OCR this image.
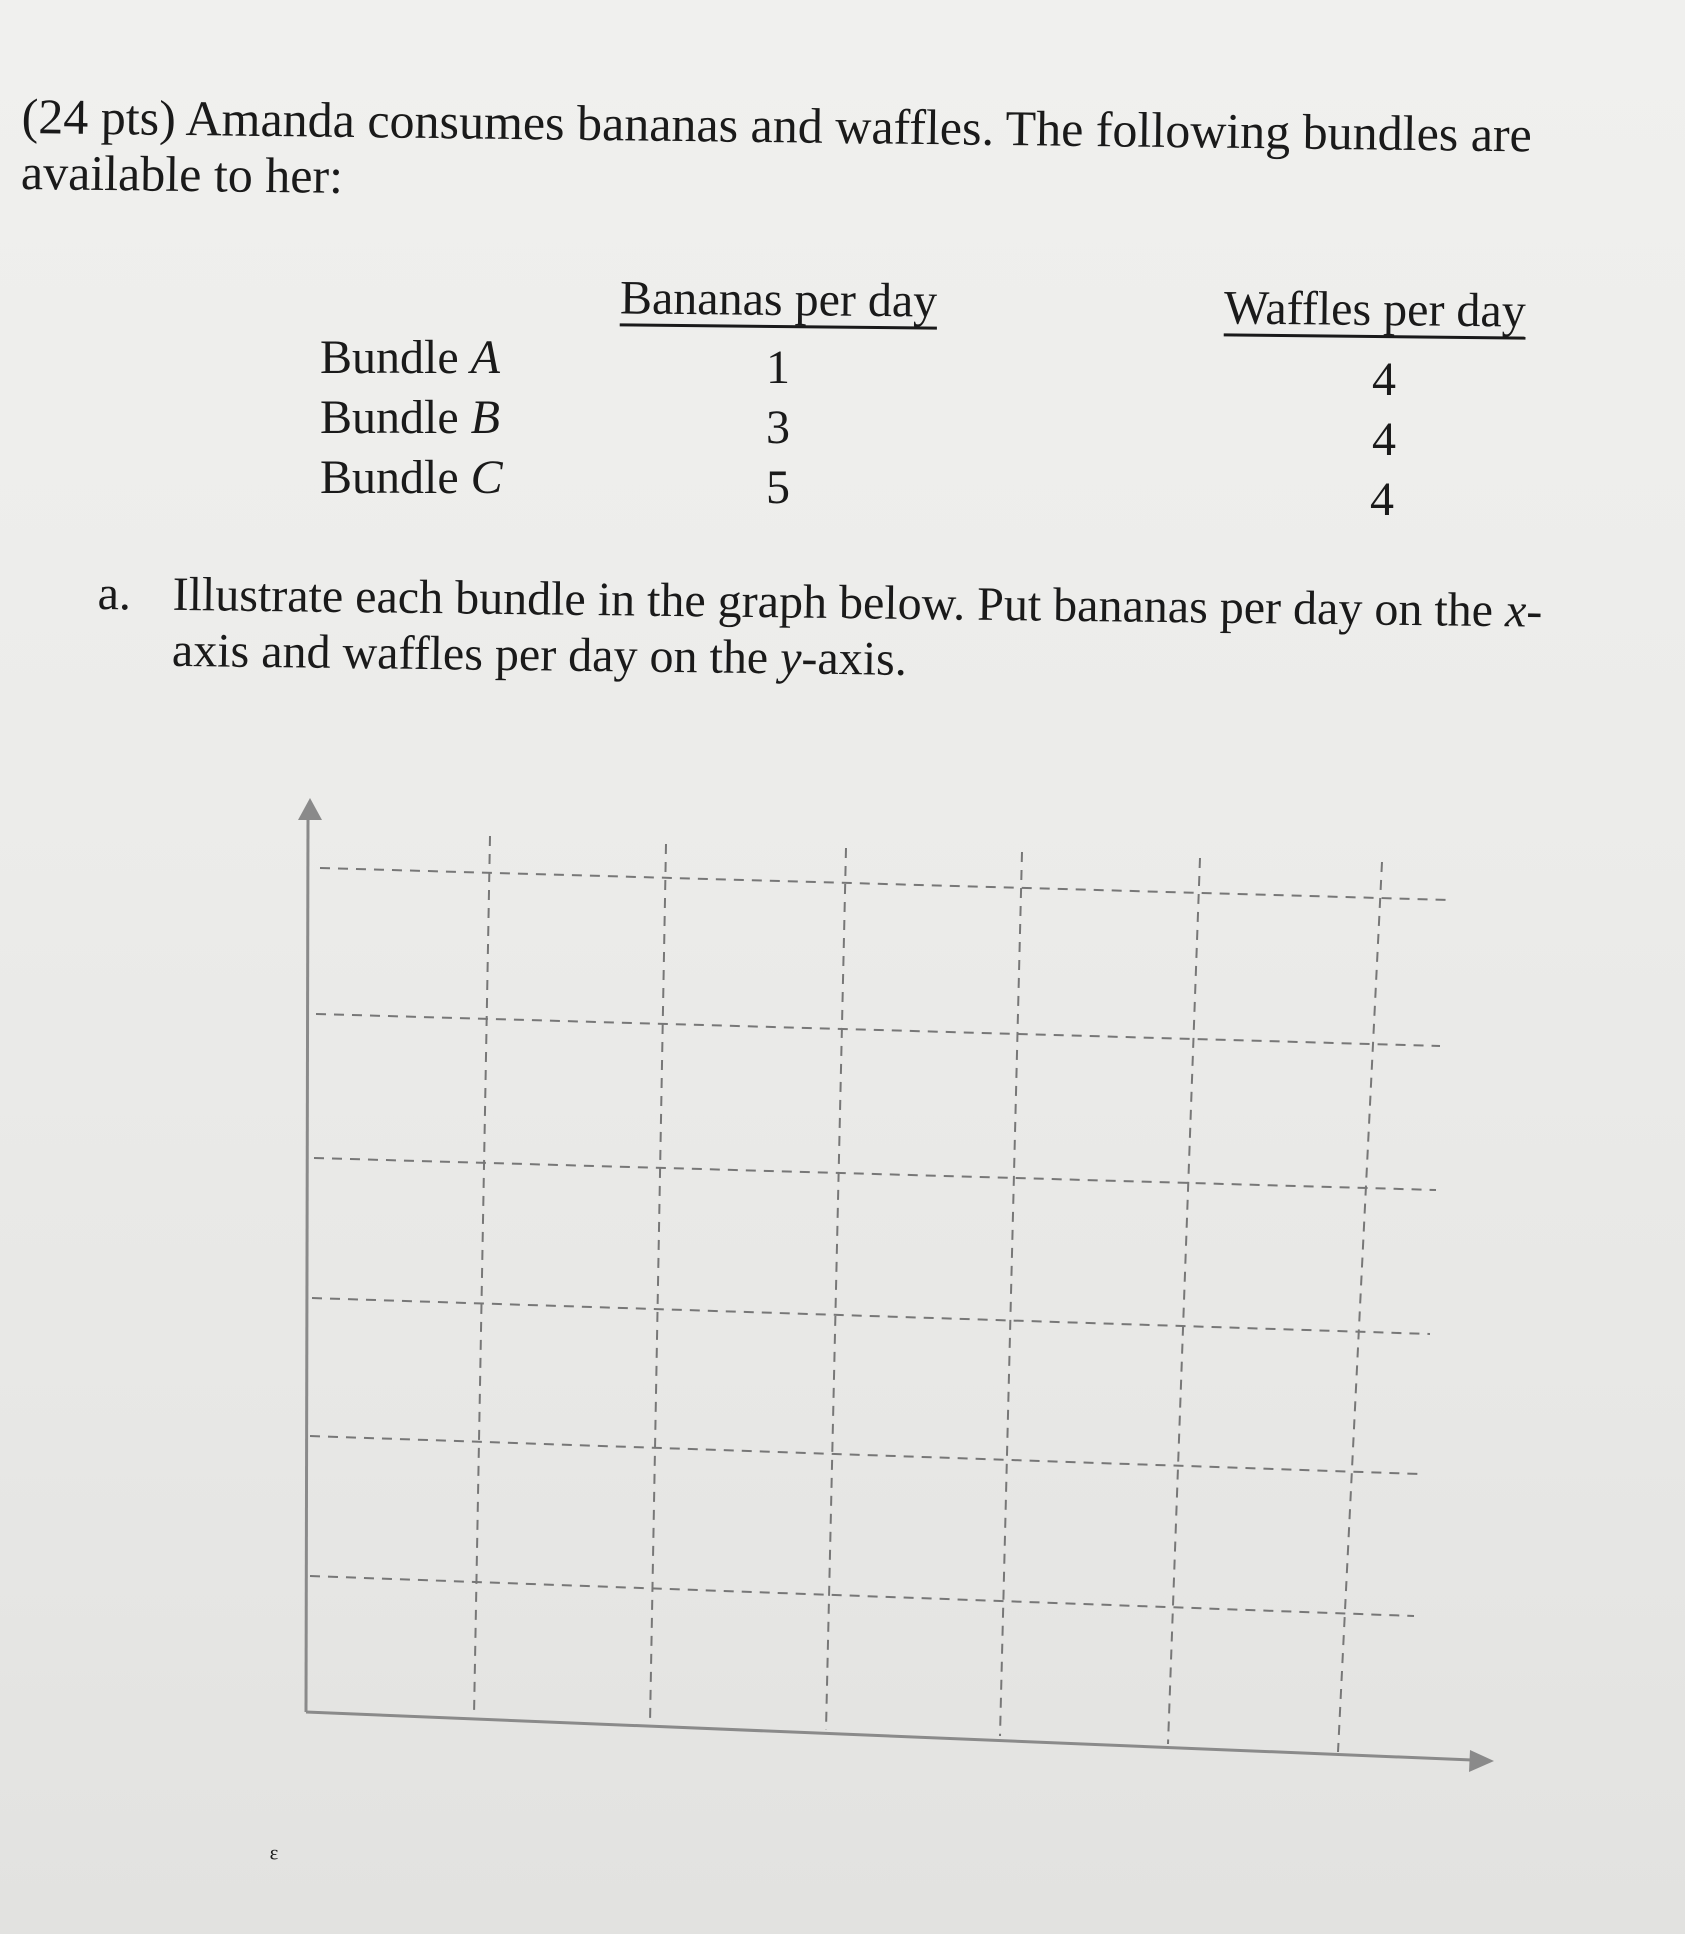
(24 pts) Amanda consumes bananas and waffles. The following bundles are available to her:
Bananas per day	Waffles per day
Bundle A
Bundle B
Bundle C
1
3
5
4
4
4
a. Illustrate each bundle in the graph below. Put bananas per day on the x-
axis and waffles per day on the y-axis.
ᵋ
